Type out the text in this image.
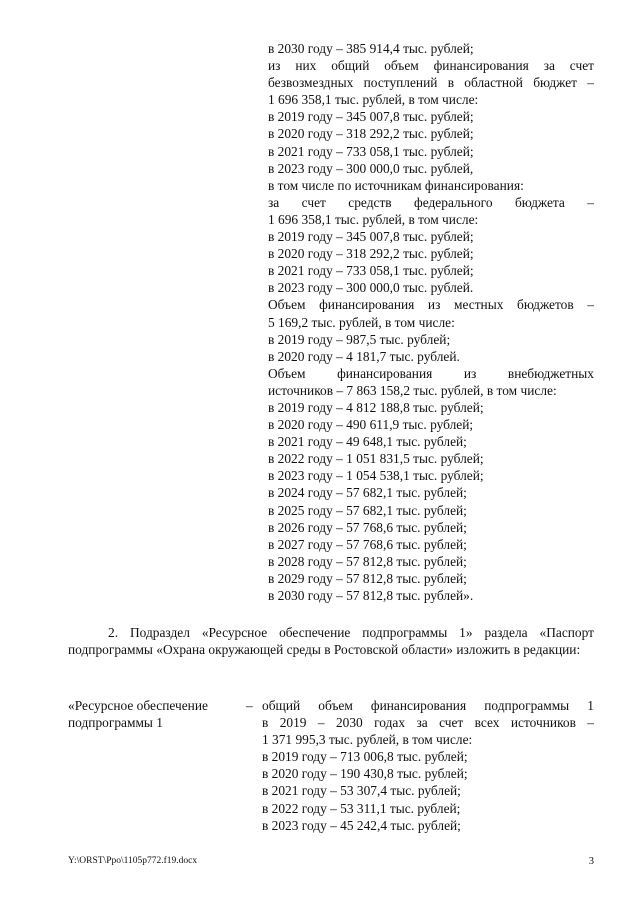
в 2030 году – 385 914,4 тыс. рублей;
из них общий объем финансирования за счет
безвозмездных поступлений в областной бюджет –
1 696 358,1 тыс. рублей, в том числе:
в 2019 году – 345 007,8 тыс. рублей;
в 2020 году – 318 292,2 тыс. рублей;
в 2021 году – 733 058,1 тыс. рублей;
в 2023 году – 300 000,0 тыс. рублей,
в том числе по источникам финансирования:
за счет средств федерального бюджета –
1 696 358,1 тыс. рублей, в том числе:
в 2019 году – 345 007,8 тыс. рублей;
в 2020 году – 318 292,2 тыс. рублей;
в 2021 году – 733 058,1 тыс. рублей;
в 2023 году – 300 000,0 тыс. рублей.
Объем финансирования из местных бюджетов –
5 169,2 тыс. рублей, в том числе:
в 2019 году – 987,5 тыс. рублей;
в 2020 году – 4 181,7 тыс. рублей.
Объем финансирования из внебюджетных
источников – 7 863 158,2 тыс. рублей, в том числе:
в 2019 году – 4 812 188,8 тыс. рублей;
в 2020 году – 490 611,9 тыс. рублей;
в 2021 году – 49 648,1 тыс. рублей;
в 2022 году – 1 051 831,5 тыс. рублей;
в 2023 году – 1 054 538,1 тыс. рублей;
в 2024 году – 57 682,1 тыс. рублей;
в 2025 году – 57 682,1 тыс. рублей;
в 2026 году – 57 768,6 тыс. рублей;
в 2027 году – 57 768,6 тыс. рублей;
в 2028 году – 57 812,8 тыс. рублей;
в 2029 году – 57 812,8 тыс. рублей;
в 2030 году – 57 812,8 тыс. рублей».
2. Подраздел «Ресурсное обеспечение подпрограммы 1» раздела «Паспорт подпрограммы «Охрана окружающей среды в Ростовской области» изложить в редакции:
«Ресурсное обеспечение
подпрограммы 1
– общий объем финансирования подпрограммы 1
в 2019 – 2030 годах за счет всех источников –
1 371 995,3 тыс. рублей, в том числе:
в 2019 году – 713 006,8 тыс. рублей;
в 2020 году – 190 430,8 тыс. рублей;
в 2021 году – 53 307,4 тыс. рублей;
в 2022 году – 53 311,1 тыс. рублей;
в 2023 году – 45 242,4 тыс. рублей;
Y:\ORST\Ppo\1105p772.f19.docx	3
